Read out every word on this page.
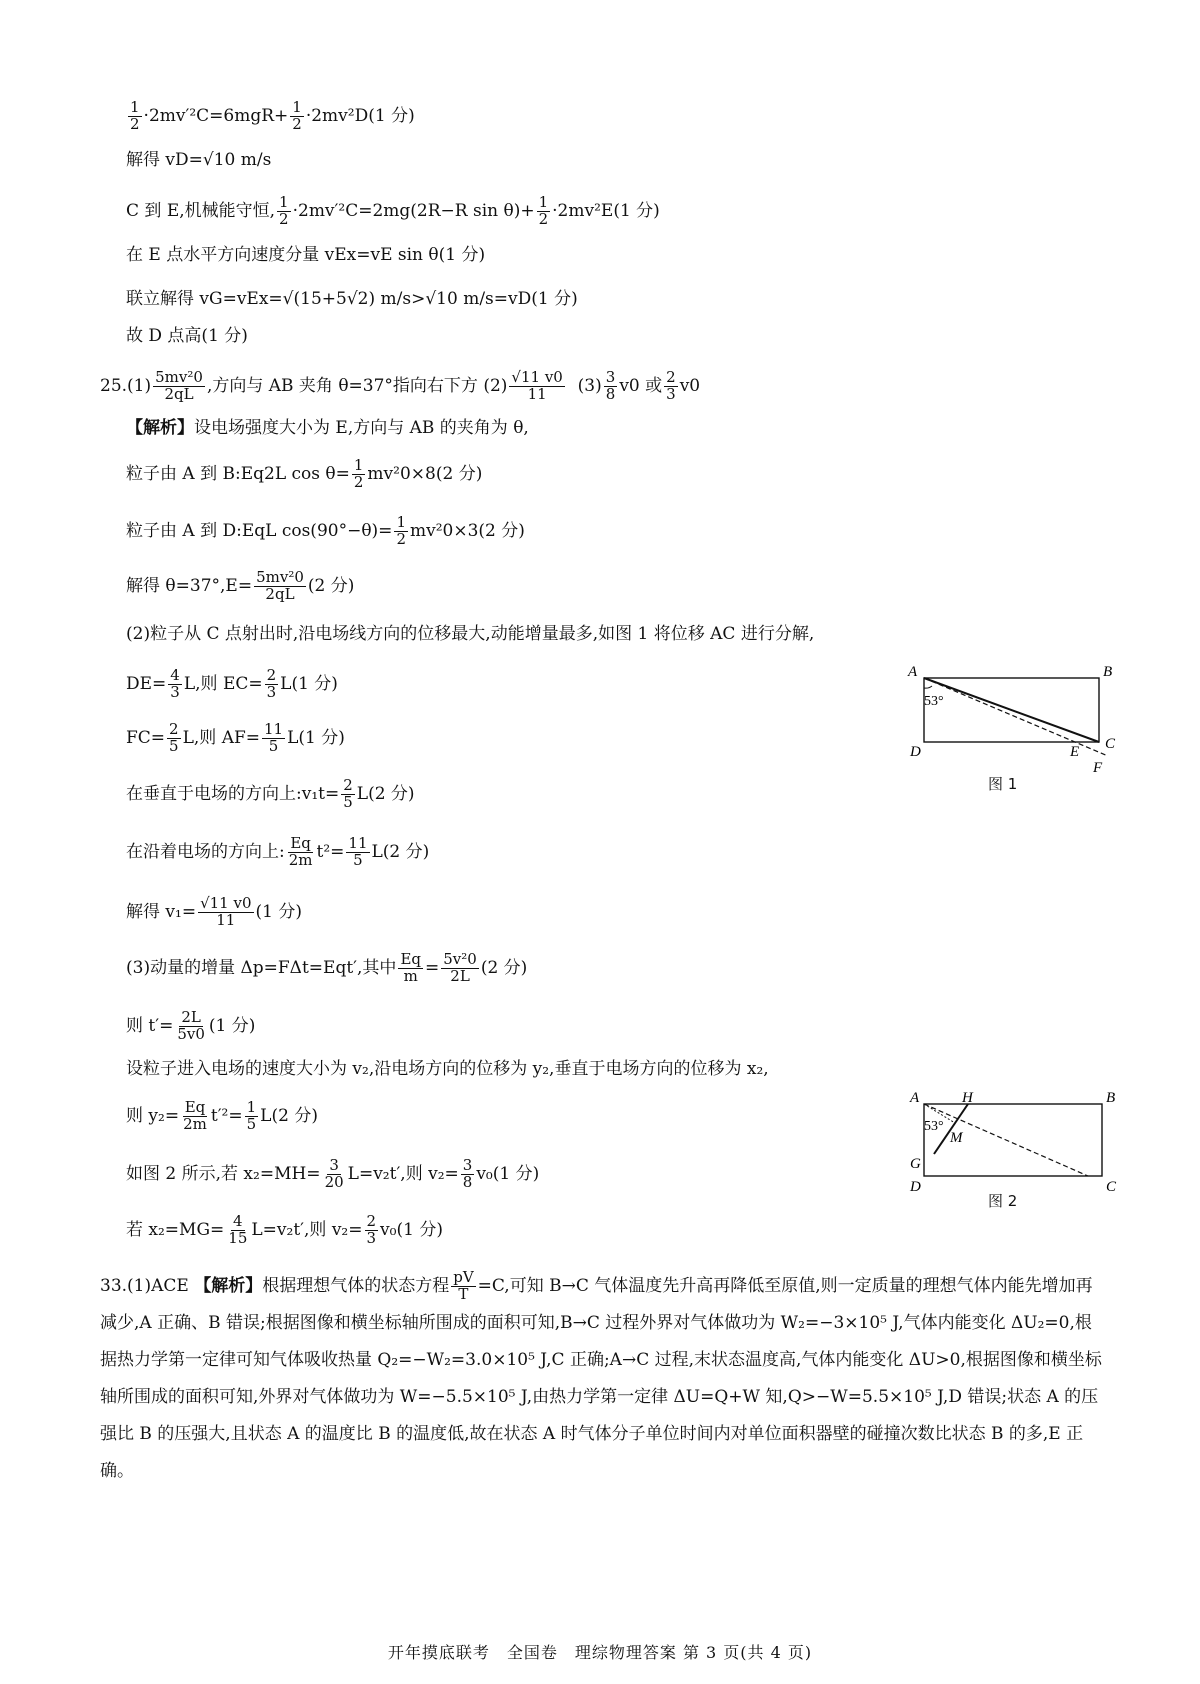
$\frac{1}{2} \cdot 2mv'^2C=6mgR+ \frac{1}{2} \cdot 2mv^2D(1$ 分)
解得 vD=√10 m/s
C 到 E,机械能守恒, $\frac{1}{2} \cdot 2mv'^2C=2mg(2R-R$ $\sin \theta)+ \frac{1}{2} \cdot 2mv^2E(1$ 分)
在 E 点水平方向速度分量 vEx=vE sin θ(1 分)
联立解得 vG=vEx=√(15+5√2) m/s>√10 m/s=vD(1 分)
故 D 点高(1 分)
$25.(1) \frac{\text{5mv²0}}{2qL}$ ,方向与 AB 夹角 θ=37°指向右下方 $(2) \frac{√11 v0}{11} (3) \frac{3}{8} v0$ 或 $\frac{2}{3} v0$
【解析】设电场强度大小为 E,方向与 AB 的夹角为 θ,
粒子由 A 到 B:Eq2L $\cos \theta= \frac{1}{2} mv^20\times 8(2$ 分)
粒子由 A 到 D:EqL $\cos(90^\circ-\theta)= \frac{1}{2} mv^20\times 3(2$ 分)
解得 $\theta=37^\circ,E= \frac{\text{5mv²0}}{2qL} (2$ 分)
(2)粒子从 C 点射出时,沿电场线方向的位移最大,动能增量最多,如图 1 将位移 AC 进行分解,
$DE= \frac{4}{3} L$,则 $EC= \frac{2}{3} L(1$ 分)
$FC= \frac{2}{5} L$,则 $AF= \frac{11}{5} L(1$ 分)
在垂直于电场的方向上:v₁t= $\frac{2}{5} L(2$ 分)
在沿着电场的方向上: $\frac{Eq}{2m} t^2= \frac{11}{5} L(2$ 分)
解得 $v_1= \frac{√11 v0}{11} (1$ 分)
(3)动量的增量 Δp=FΔt=Eqt′,其中 $\frac{Eq}{m} = \frac{\text{5v²0}}{2L} (2$ 分)
则 $t'= \frac{2L}{5v0} (1$ 分)
设粒子进入电场的速度大小为 v₂,沿电场方向的位移为 y₂,垂直于电场方向的位移为 x₂,
则 $y_2= \frac{Eq}{2m} t'^2= \frac{1}{5} L(2$ 分)
如图 2 所示,若 $x_2=MH= \frac{3}{20} L=v_2t'$,则 $v_2= \frac{3}{8} v_0(1$ 分)
若 $x_2=MG= \frac{4}{15} L=v_2t'$,则 $v_2= \frac{2}{3} v_0(1$ 分)
33.(1)ACE 【解析】根据理想气体的状态方程 $\frac{pV}{T} =C$,可知 B→C 气体温度先升高再降低至原值,则一定质量的理想气体内能先增加再减少,A 正确、B 错误;根据图像和横坐标轴所围成的面积可知,B→C 过程外界对气体做功为 W₂=−3×10⁵ J,气体内能变化 ΔU₂=0,根据热力学第一定律可知气体吸收热量 Q₂=−W₂=3.0×10⁵ J,C 正确;A→C 过程,末状态温度高,气体内能变化 ΔU>0,根据图像和横坐标轴所围成的面积可知,外界对气体做功为 W=−5.5×10⁵ J,由热力学第一定律 ΔU=Q+W 知,Q>−W=5.5×10⁵ J,D 错误;状态 A 的压强比 B 的压强大,且状态 A 的温度比 B 的温度低,故在状态 A 时气体分子单位时间内对单位面积器壁的碰撞次数比状态 B 的多,E 正确。
A	B
C
D	E
F
53°
图 1
A	H	B
M
G
D	C
53°
图 2
开年摸底联考　全国卷　理综物理答案 第 3 页(共 4 页)
